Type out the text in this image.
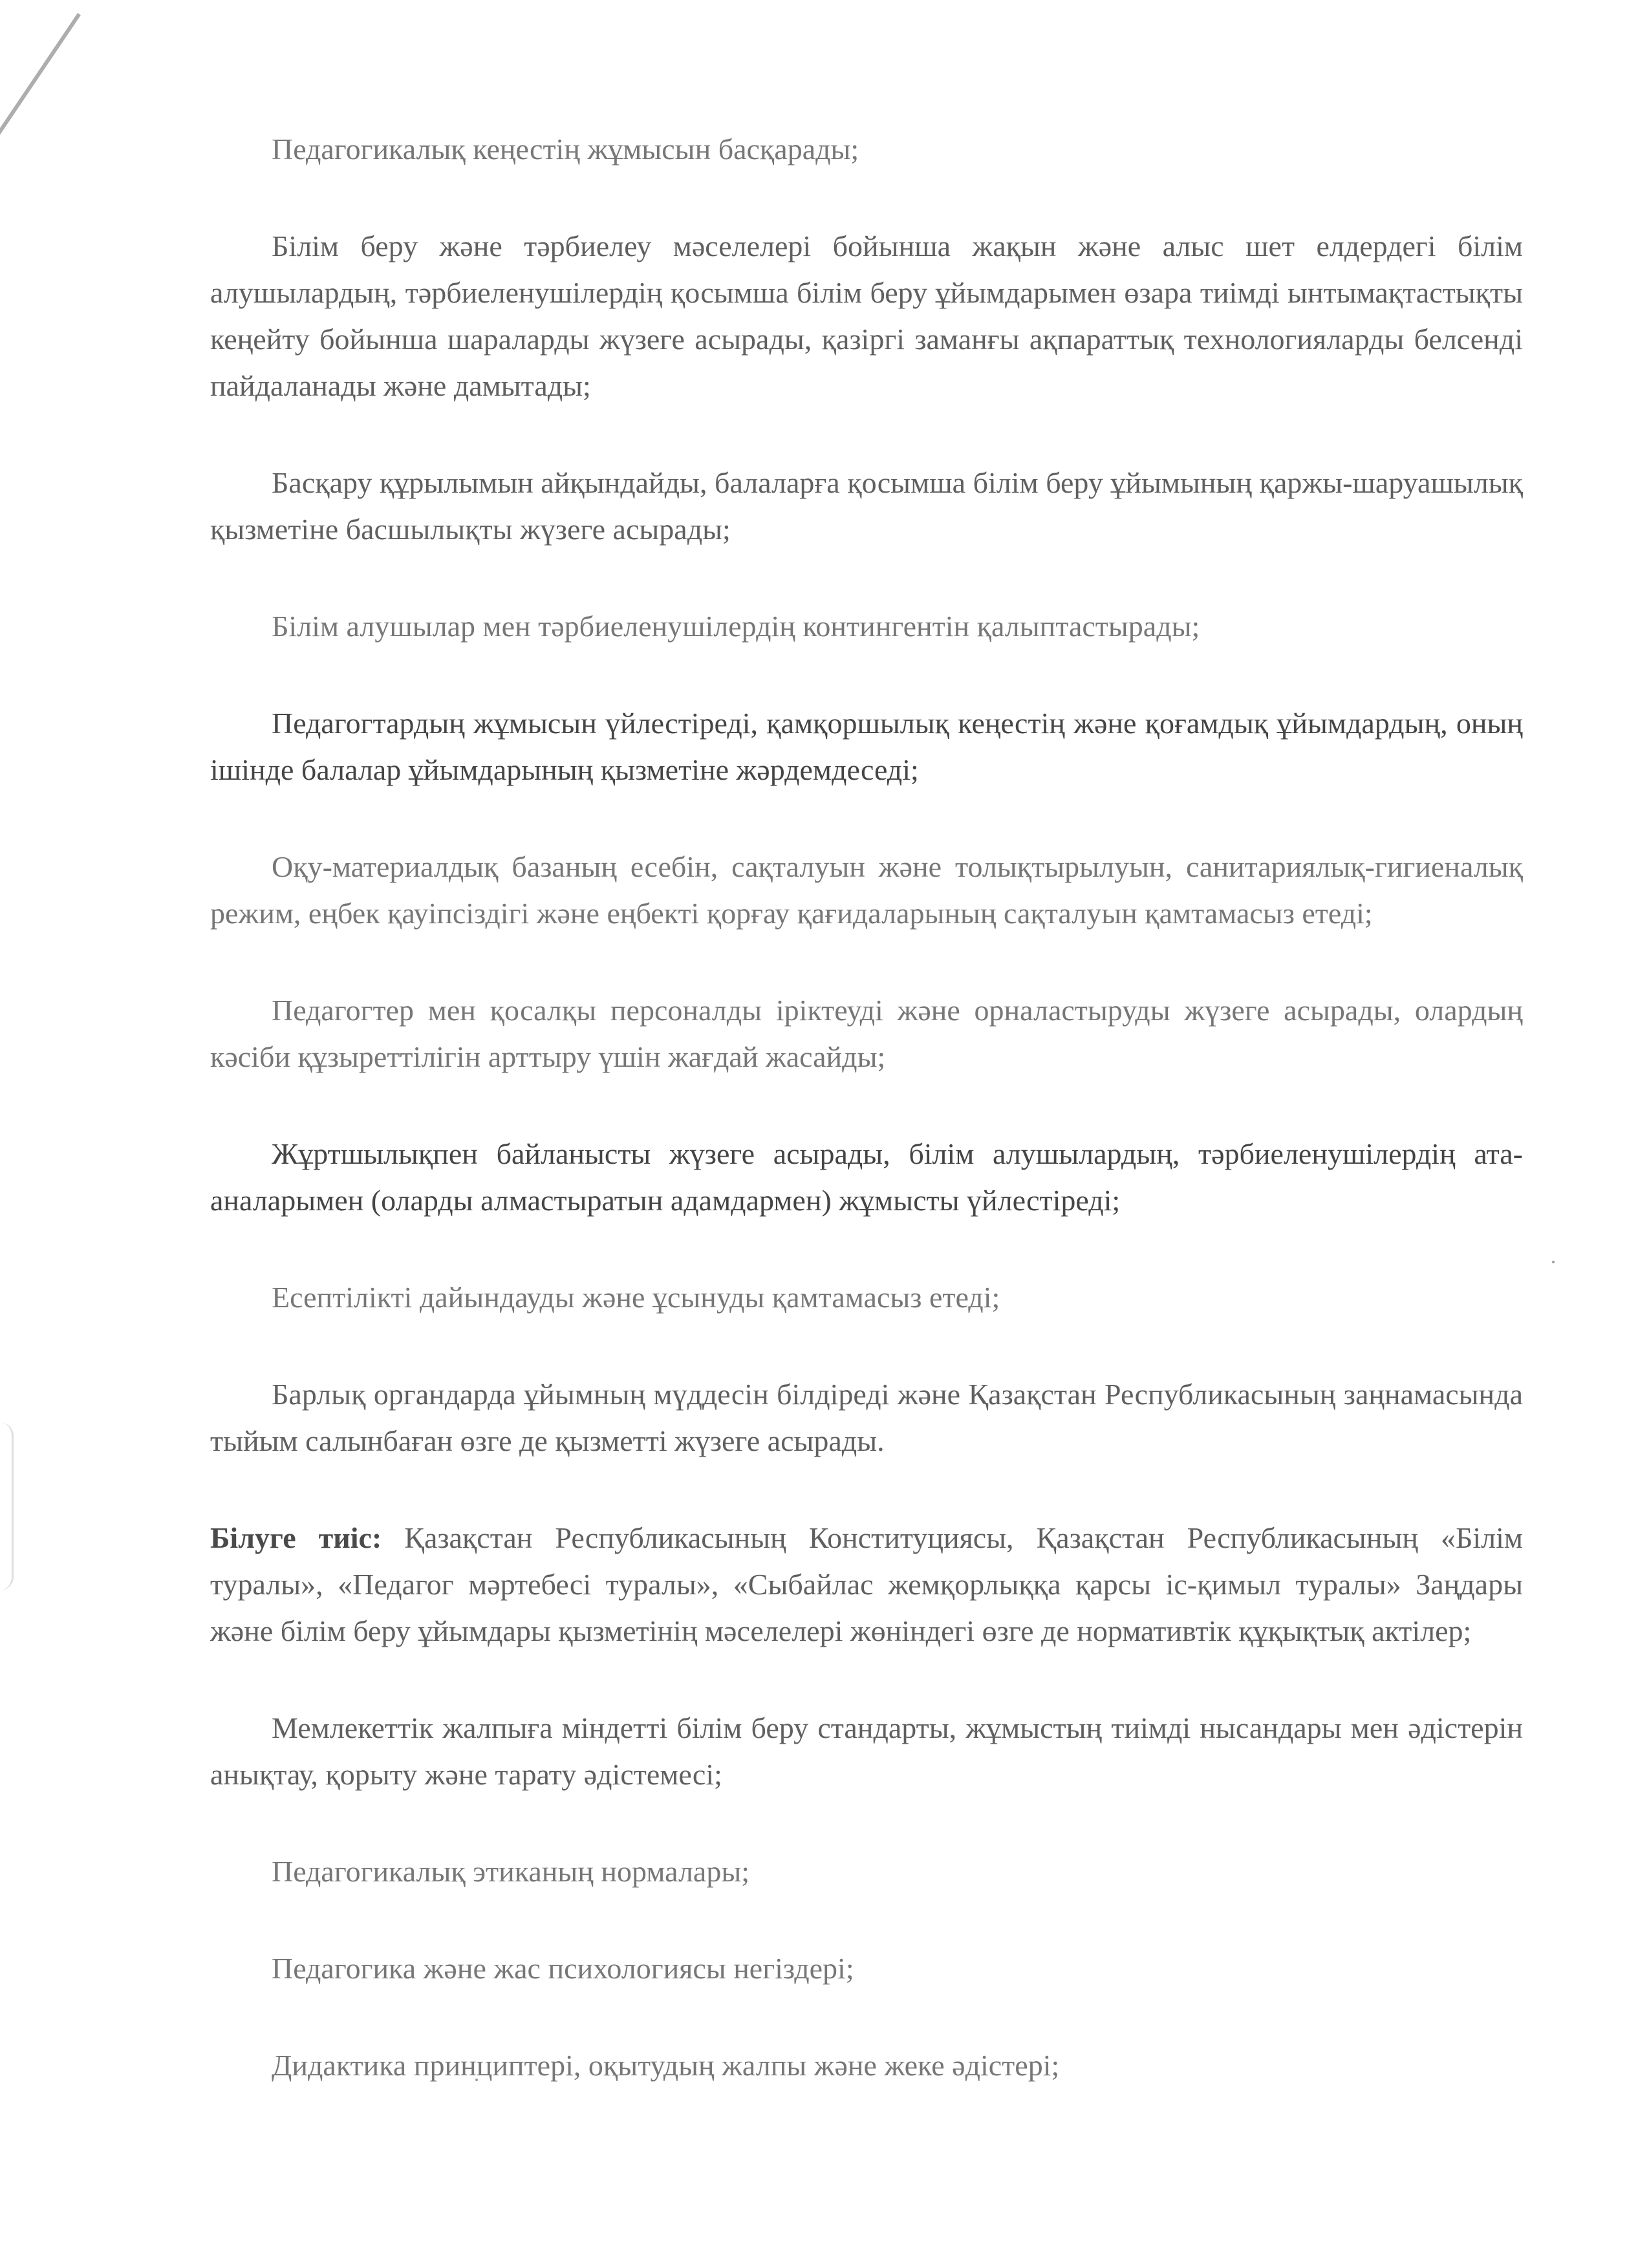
Педагогикалық кеңестің жұмысын басқарады;

Білім беру және тәрбиелеу мәселелері бойынша жақын және алыс шет елдердегі білім алушылардың, тәрбиеленушілердің қосымша білім беру ұйымдарымен өзара тиімді ынтымақтастықты кеңейту бойынша шараларды жүзеге асырады, қазіргі заманғы ақпараттық технологияларды белсенді пайдаланады және дамытады;

Басқару құрылымын айқындайды, балаларға қосымша білім беру ұйымының қаржы-шаруашылық қызметіне басшылықты жүзеге асырады;

Білім алушылар мен тәрбиеленушілердің контингентін қалыптастырады;

Педагогтардың жұмысын үйлестіреді, қамқоршылық кеңестің және қоғамдық ұйымдардың, оның ішінде балалар ұйымдарының қызметіне жәрдемдеседі;

Оқу-материалдық базаның есебін, сақталуын және толықтырылуын, санитариялық-гигиеналық режим, еңбек қауіпсіздігі және еңбекті қорғау қағидаларының сақталуын қамтамасыз етеді;

Педагогтер мен қосалқы персоналды іріктеуді және орналастыруды жүзеге асырады, олардың кәсіби құзыреттілігін арттыру үшін жағдай жасайды;

Жұртшылықпен байланысты жүзеге асырады, білім алушылардың, тәрбиеленушілердің ата-аналарымен (оларды алмастыратын адамдармен) жұмысты үйлестіреді;

Есептілікті дайындауды және ұсынуды қамтамасыз етеді;

Барлық органдарда ұйымның мүддесін білдіреді және Қазақстан Республикасының заңнамасында тыйым салынбаған өзге де қызметті жүзеге асырады.

Білуге тиіс: Қазақстан Республикасының Конституциясы, Қазақстан Республикасының «Білім туралы», «Педагог мәртебесі туралы», «Сыбайлас жемқорлыққа қарсы іс-қимыл туралы» Заңдары және білім беру ұйымдары қызметінің мәселелері жөніндегі өзге де нормативтік құқықтық актілер;

Мемлекеттік жалпыға міндетті білім беру стандарты, жұмыстың тиімді нысандары мен әдістерін анықтау, қорыту және тарату әдістемесі;

Педагогикалық этиканың нормалары;

Педагогика және жас психологиясы негіздері;

Дидактика принциптері, оқытудың жалпы және жеке әдістері;
